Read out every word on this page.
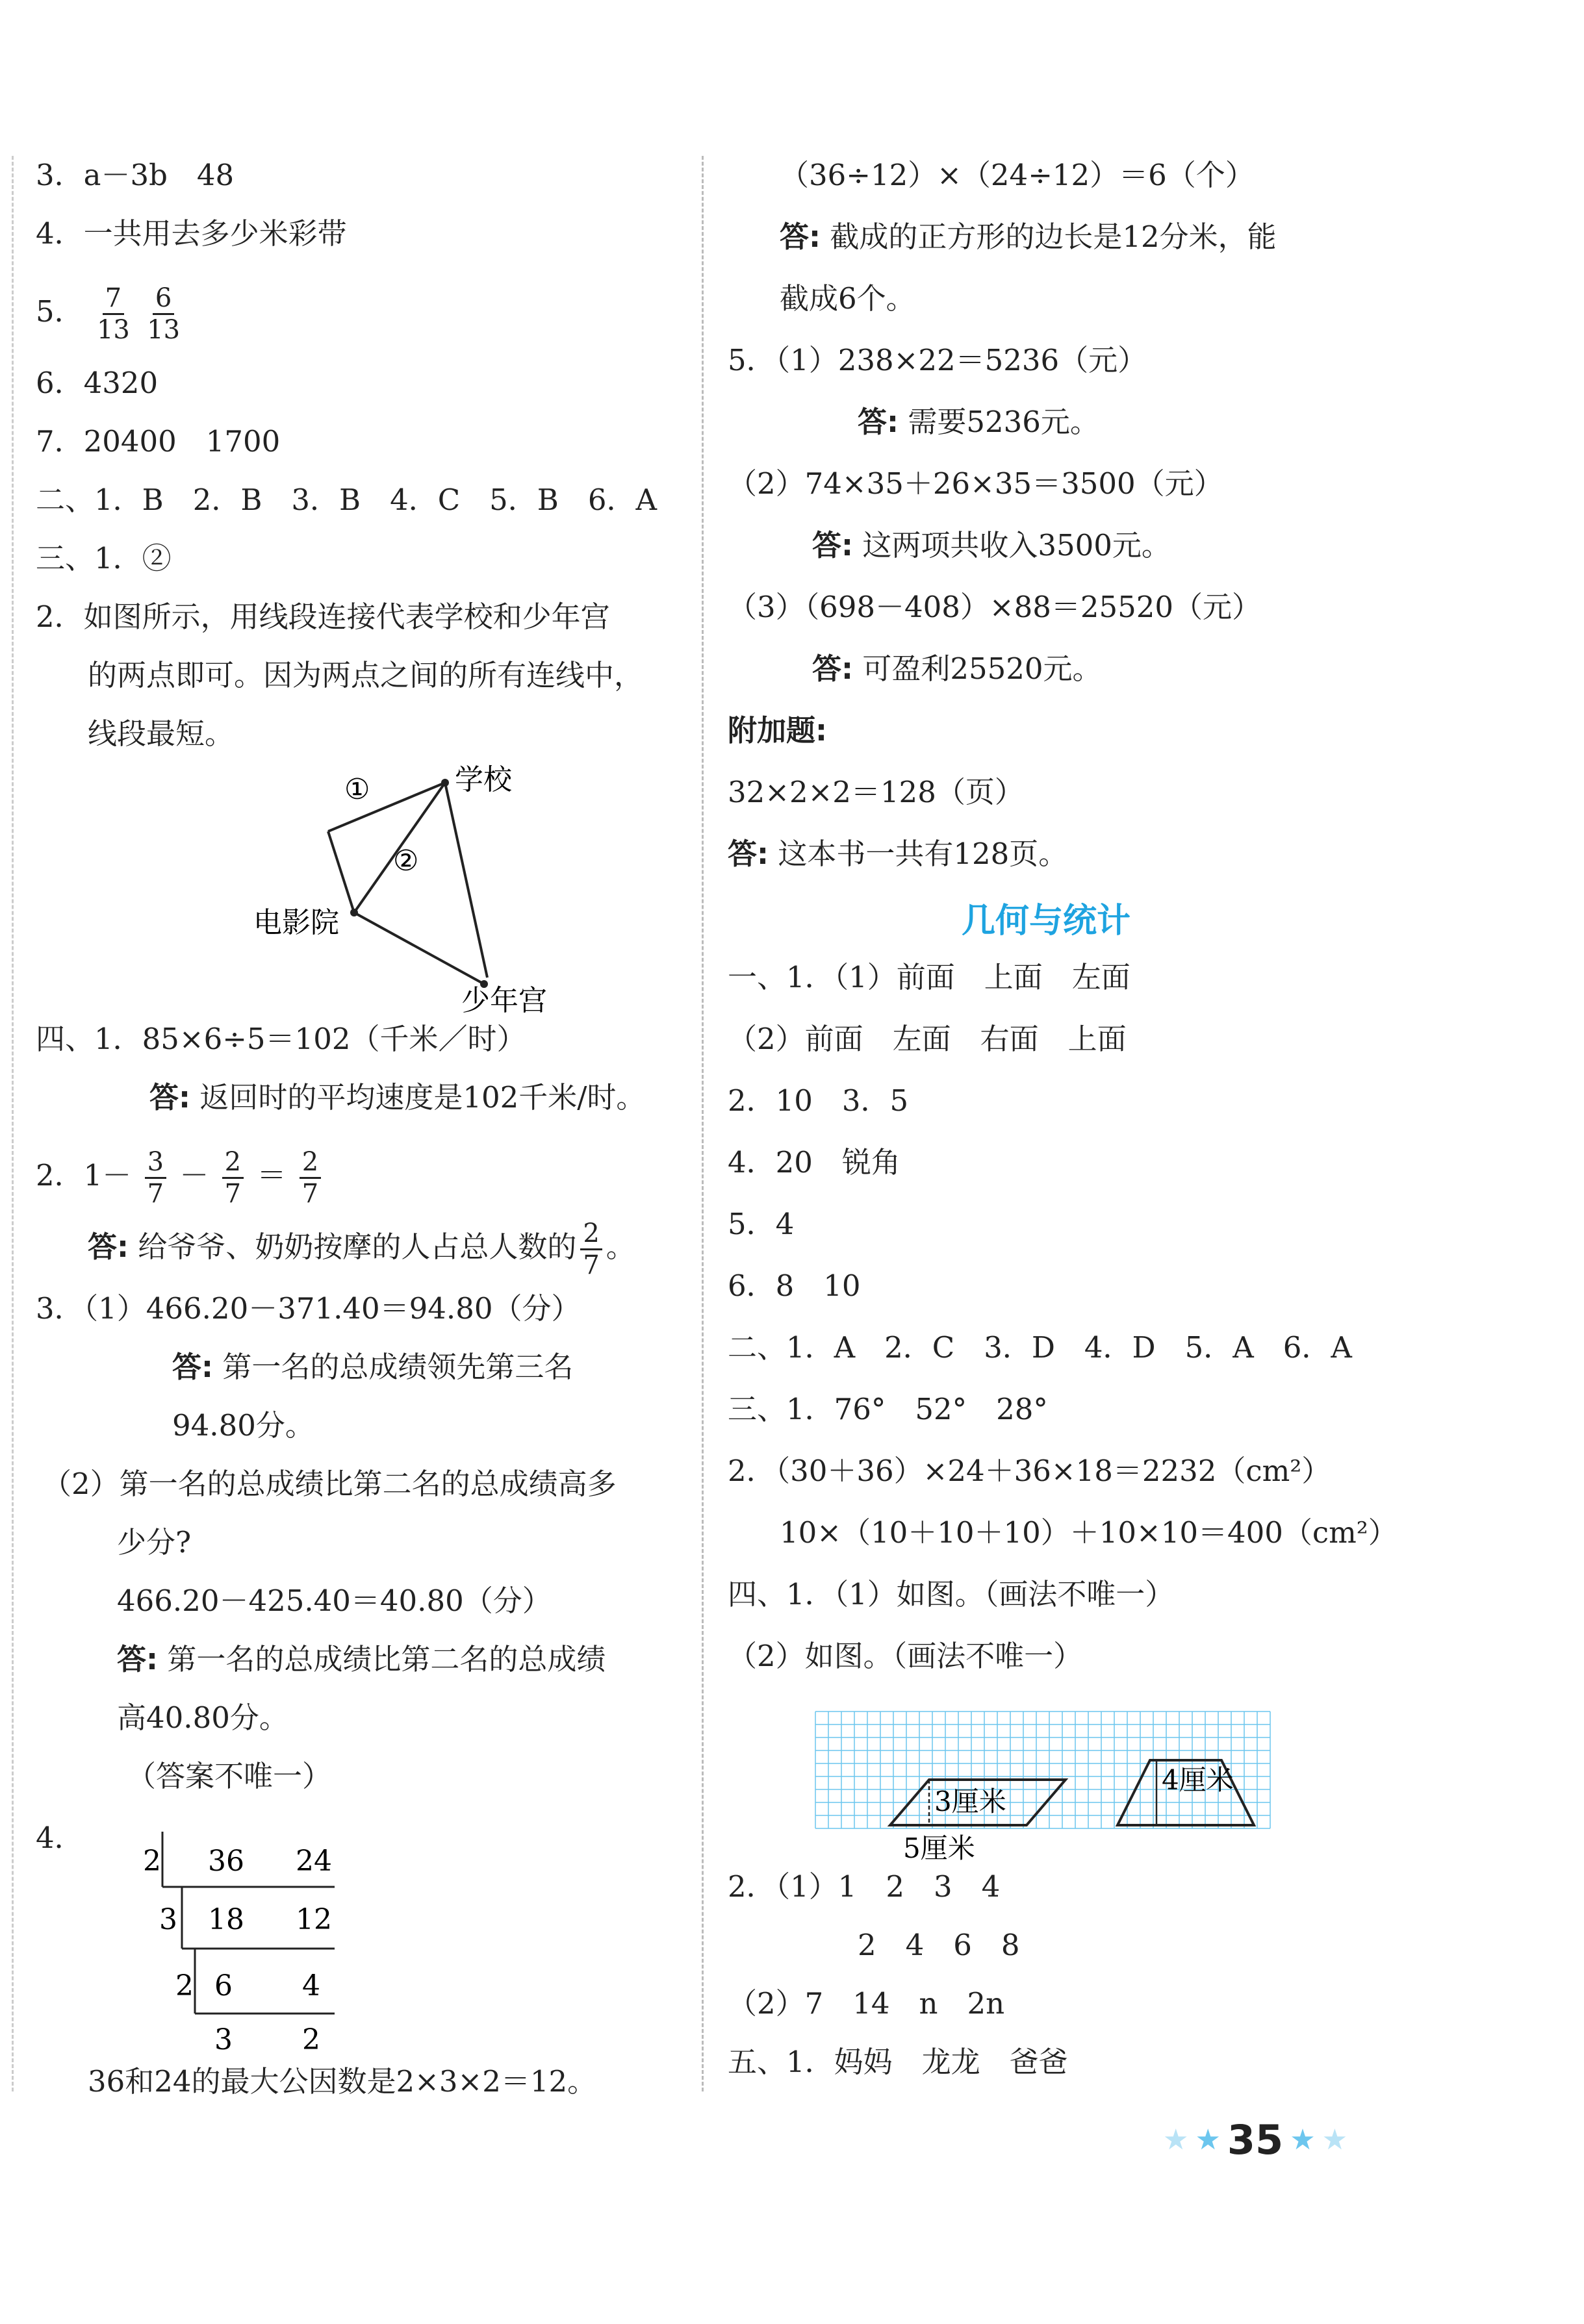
3．a－3b　48
4．一共用去多少米彩带
5． $\frac{7}{13}$
$\frac{6}{13}$
6．4320
7．20400　1700
二、1．B　2．B　3．B　4．C　5．B　6．A
三、1．②
2．如图所示，用线段连接代表学校和少年宫
的两点即可。因为两点之间的所有连线中，
线段最短。
①
②
学校
电影院
少年宫
四、1．85×6÷5＝102（千米／时）
答: 返回时的平均速度是102千米/时。
2．$1- \frac{3}{7} - \frac{2}{7} = \frac{2}{7}$
答: 给爷爷、奶奶按摩的人占总人数的 $\frac{2}{7}$ 。
3．（1）466.20－371.40＝94.80（分）
答: 第一名的总成绩领先第三名
94.80分。
（2）第一名的总成绩比第二名的总成绩高多
少分?
466.20－425.40＝40.80（分）
答: 第一名的总成绩比第二名的总成绩
高40.80分。
（答案不唯一）
4．
2 36 24
3 18 12
2 6 4
3 2
36和24的最大公因数是2×3×2＝12。
（36÷12）×（24÷12）＝6（个）
答: 截成的正方形的边长是12分米，能
截成6个。
5．（1）238×22＝5236（元）
答: 需要5236元。
（2）74×35＋26×35＝3500（元）
答: 这两项共收入3500元。
（3）（698－408）×88＝25520（元）
答: 可盈利25520元。
附加题:
32×2×2＝128（页）
答: 这本书一共有128页。
几何与统计
一、1．（1）前面　上面　左面
（2）前面　左面　右面　上面
2．10　3．5
4．20　锐角
5．4
6．8　10
二、1．A　2．C　3．D　4．D　5．A　6．A
三、1．76°　52°　28°
2．（30＋36）×24＋36×18＝2232（cm²）
10×（10＋10＋10）＋10×10＝400（cm²）
四、1．（1）如图。（画法不唯一）
（2）如图。（画法不唯一）
3厘米
5厘米
4厘米
2．（1）1　2　3　4
2　4　6　8
（2）7　14　n　2n
五、1．妈妈　龙龙　爸爸
★ ★ 35 ★ ★
